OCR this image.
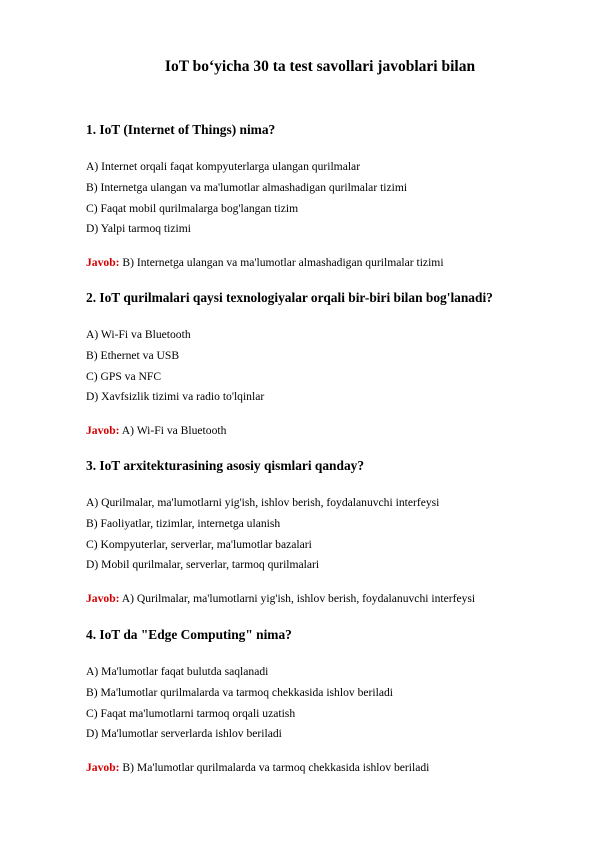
IoT bo‘yicha 30 ta test savollari javoblari bilan
1. IoT (Internet of Things) nima?
A) Internet orqali faqat kompyuterlarga ulangan qurilmalar
B) Internetga ulangan va ma'lumotlar almashadigan qurilmalar tizimi
C) Faqat mobil qurilmalarga bog'langan tizim
D) Yalpi tarmoq tizimi
Javob: B) Internetga ulangan va ma'lumotlar almashadigan qurilmalar tizimi
2. IoT qurilmalari qaysi texnologiyalar orqali bir-biri bilan bog'lanadi?
A) Wi-Fi va Bluetooth
B) Ethernet va USB
C) GPS va NFC
D) Xavfsizlik tizimi va radio to'lqinlar
Javob: A) Wi-Fi va Bluetooth
3. IoT arxitekturasining asosiy qismlari qanday?
A) Qurilmalar, ma'lumotlarni yig'ish, ishlov berish, foydalanuvchi interfeysi
B) Faoliyatlar, tizimlar, internetga ulanish
C) Kompyuterlar, serverlar, ma'lumotlar bazalari
D) Mobil qurilmalar, serverlar, tarmoq qurilmalari
Javob: A) Qurilmalar, ma'lumotlarni yig'ish, ishlov berish, foydalanuvchi interfeysi
4. IoT da "Edge Computing" nima?
A) Ma'lumotlar faqat bulutda saqlanadi
B) Ma'lumotlar qurilmalarda va tarmoq chekkasida ishlov beriladi
C) Faqat ma'lumotlarni tarmoq orqali uzatish
D) Ma'lumotlar serverlarda ishlov beriladi
Javob: B) Ma'lumotlar qurilmalarda va tarmoq chekkasida ishlov beriladi
